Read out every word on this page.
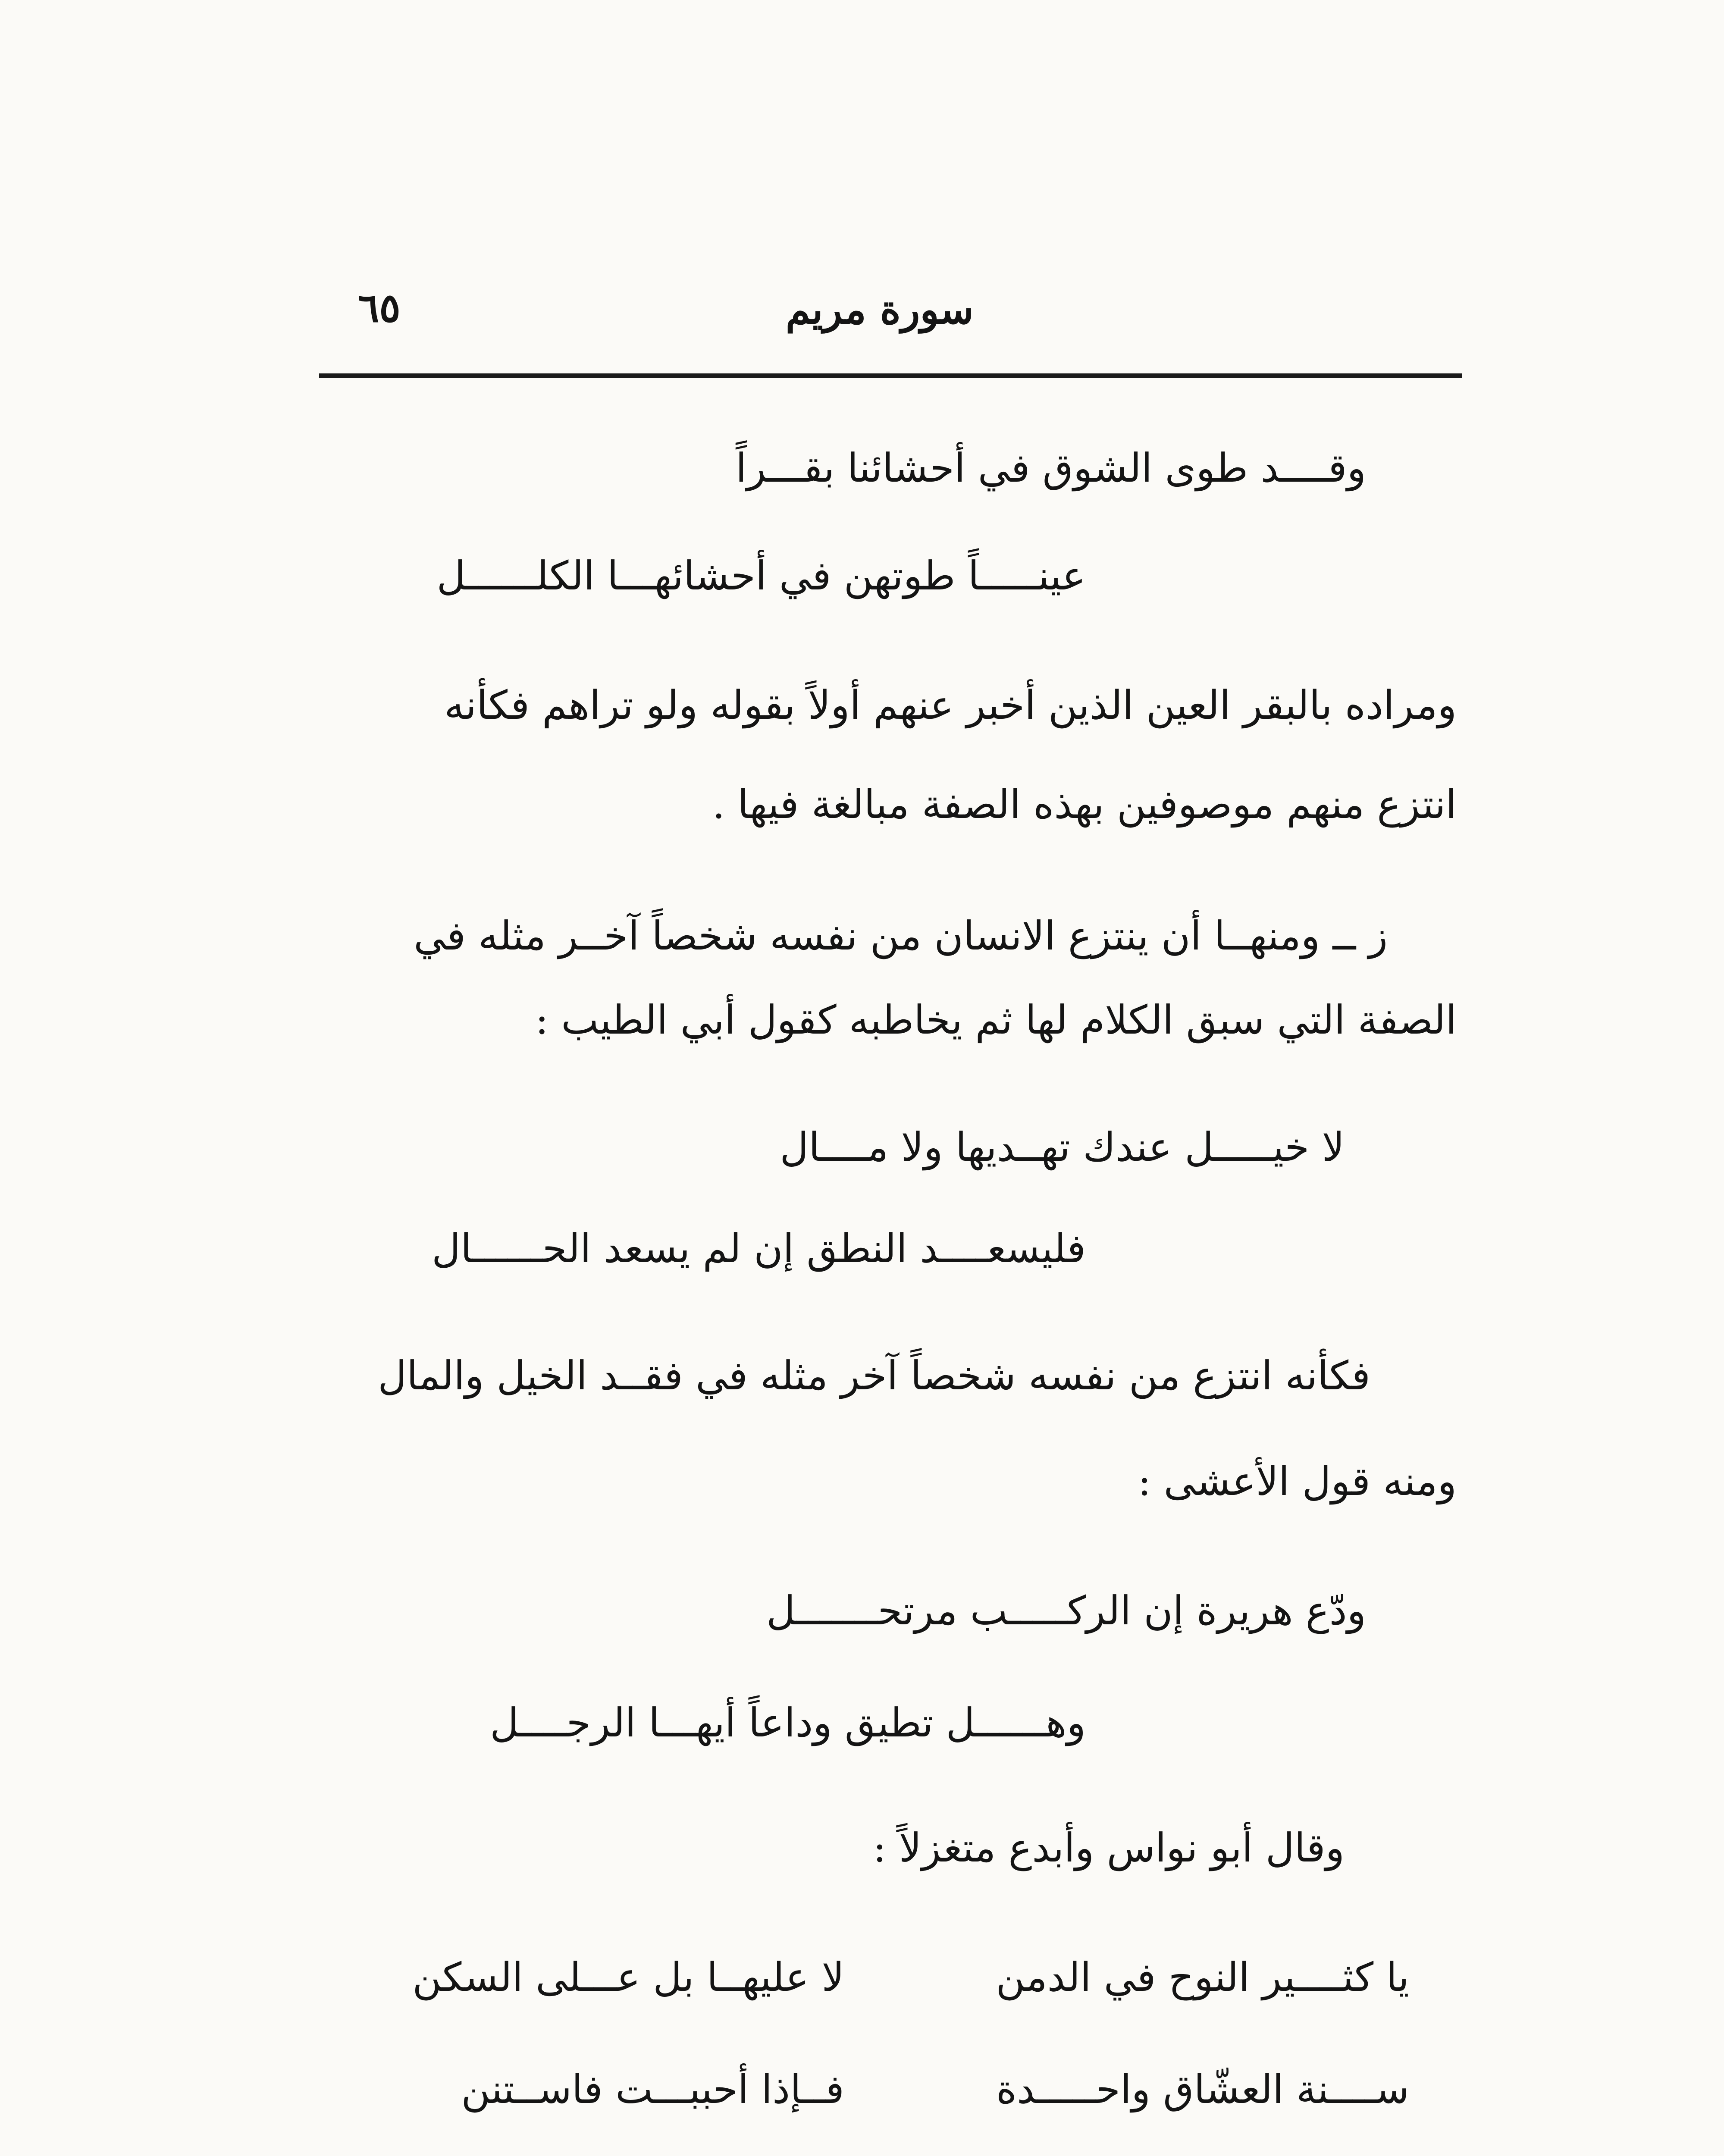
سورة مريم
٦٥
وقــــد طوى الشوق في أحشائنا بقـــراً
عينـــــاً طوتهن في أحشائهـــا الكلــــــل
ومراده بالبقر العين الذين أخبر عنهم أولاً بقوله ولو تراهم فكأنه
انتزع منهم موصوفين بهذه الصفة مبالغة فيها .
ز ــ ومنهــا أن ينتزع الانسان من نفسه شخصاً آخــر مثله في
الصفة التي سبق الكلام لها ثم يخاطبه كقول أبي الطيب :
لا خيـــــل عندك تهــديها ولا مــــال
فليسعــــد النطق إن لم يسعد الحــــــال
فكأنه انتزع من نفسه شخصاً آخر مثله في فقــد الخيل والمال
ومنه قول الأعشى :
ودّع هريرة إن الركـــــب مرتحـــــــل
وهــــــل تطيق وداعاً أيهـــا الرجــــل
وقال أبو نواس وأبدع متغزلاً :
يا كثــــير النوح في الدمن
لا عليهــا بل عـــلى السكن
ســــنة العشّاق واحـــــدة
فــإذا أحببـــت فاســتنن
